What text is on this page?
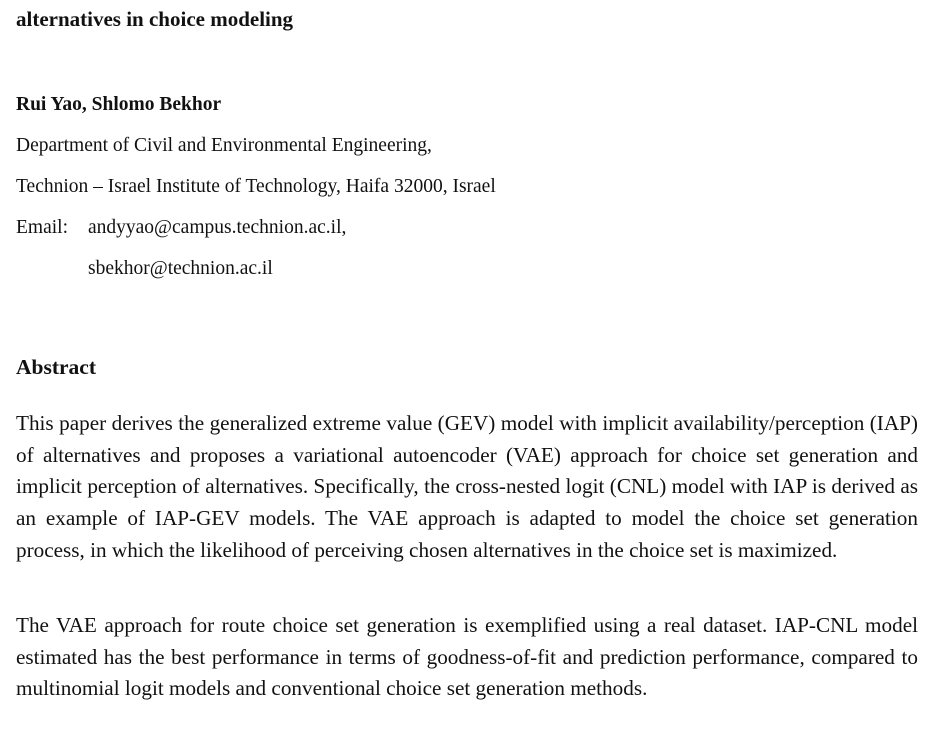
alternatives in choice modeling
Rui Yao, Shlomo Bekhor
Department of Civil and Environmental Engineering,
Technion – Israel Institute of Technology, Haifa 32000, Israel
Email: andyyao@campus.technion.ac.il,
sbekhor@technion.ac.il
Abstract

This paper derives the generalized extreme value (GEV) model with implicit availability/perception (IAP) of alternatives and proposes a variational autoencoder (VAE) approach for choice set generation and implicit perception of alternatives. Specifically, the cross-nested logit (CNL) model with IAP is derived as an example of IAP-GEV models. The VAE approach is adapted to model the choice set generation process, in which the likelihood of perceiving chosen alternatives in the choice set is maximized.

The VAE approach for route choice set generation is exemplified using a real dataset. IAP-CNL model estimated has the best performance in terms of goodness-of-fit and prediction performance, compared to multinomial logit models and conventional choice set generation methods.
